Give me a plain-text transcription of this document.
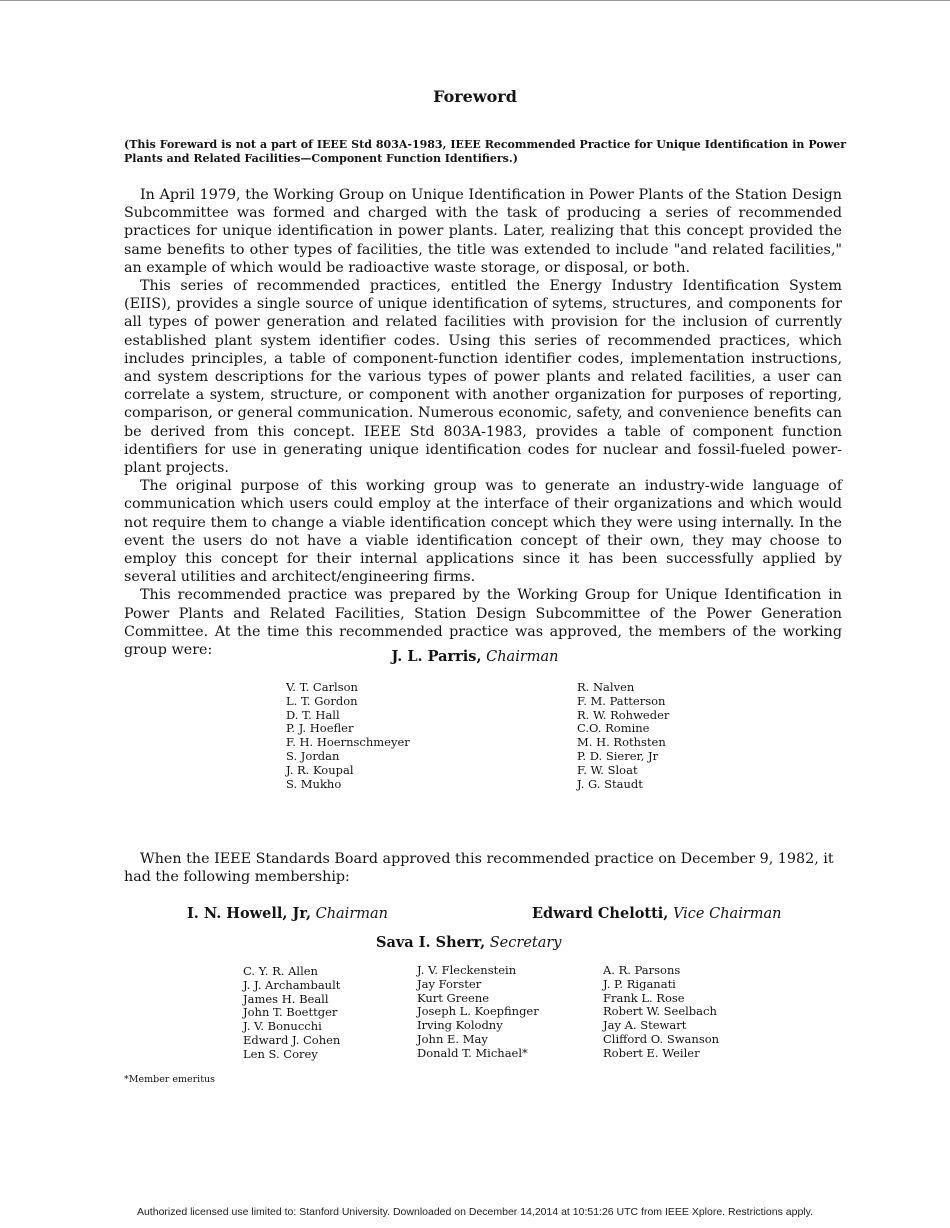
Foreword
(This Foreward is not a part of IEEE Std 803A-1983, IEEE Recommended Practice for Unique Identification in Power Plants and Related Facilities—Component Function Identifiers.)

In April 1979, the Working Group on Unique Identification in Power Plants of the Station Design Subcommittee was formed and charged with the task of producing a series of recommended practices for unique identification in power plants. Later, realizing that this concept provided the same benefits to other types of facilities, the title was extended to include "and related facilities," an example of which would be radioactive waste storage, or disposal, or both.

This series of recommended practices, entitled the Energy Industry Identification System (EIIS), provides a single source of unique identification of sytems, structures, and components for all types of power generation and related facilities with provision for the inclusion of currently established plant system identifier codes. Using this series of recommended practices, which includes principles, a table of component-function identifier codes, implementation instructions, and system descriptions for the various types of power plants and related facilities, a user can correlate a system, structure, or component with another organization for purposes of reporting, comparison, or general communication. Numerous economic, safety, and convenience benefits can be derived from this concept. IEEE Std 803A-1983, provides a table of component function identifiers for use in generating unique identification codes for nuclear and fossil-fueled power-plant projects.

The original purpose of this working group was to generate an industry-wide language of communication which users could employ at the interface of their organizations and which would not require them to change a viable identification concept which they were using internally. In the event the users do not have a viable identification concept of their own, they may choose to employ this concept for their internal applications since it has been successfully applied by several utilities and architect/engineering firms.

This recommended practice was prepared by the Working Group for Unique Identification in Power Plants and Related Facilities, Station Design Subcommittee of the Power Generation Committee. At the time this recommended practice was approved, the members of the working group were:	J. L. Parris, Chairman
V. T. Carlson
L. T. Gordon
D. T. Hall
P. J. Hoefler
F. H. Hoernschmeyer
S. Jordan
J. R. Koupal
S. Mukho
R. Nalven
F. M. Patterson
R. W. Rohweder
C.O. Romine
M. H. Rothsten
P. D. Sierer, Jr
F. W. Sloat
J. G. Staudt

When the IEEE Standards Board approved this recommended practice on December 9, 1982, it had the following membership:

I. N. Howell, Jr, Chairman	Edward Chelotti, Vice Chairman
Sava I. Sherr, Secretary
C. Y. R. Allen
J. J. Archambault
James H. Beall
John T. Boettger
J. V. Bonucchi
Edward J. Cohen
Len S. Corey
J. V. Fleckenstein
Jay Forster
Kurt Greene
Joseph L. Koepfinger
Irving Kolodny
John E. May
Donald T. Michael*
A. R. Parsons
J. P. Riganati
Frank L. Rose
Robert W. Seelbach
Jay A. Stewart
Clifford O. Swanson
Robert E. Weiler
*Member emeritus
Authorized licensed use limited to: Stanford University. Downloaded on December 14,2014 at 10:51:26 UTC from IEEE Xplore. Restrictions apply.
